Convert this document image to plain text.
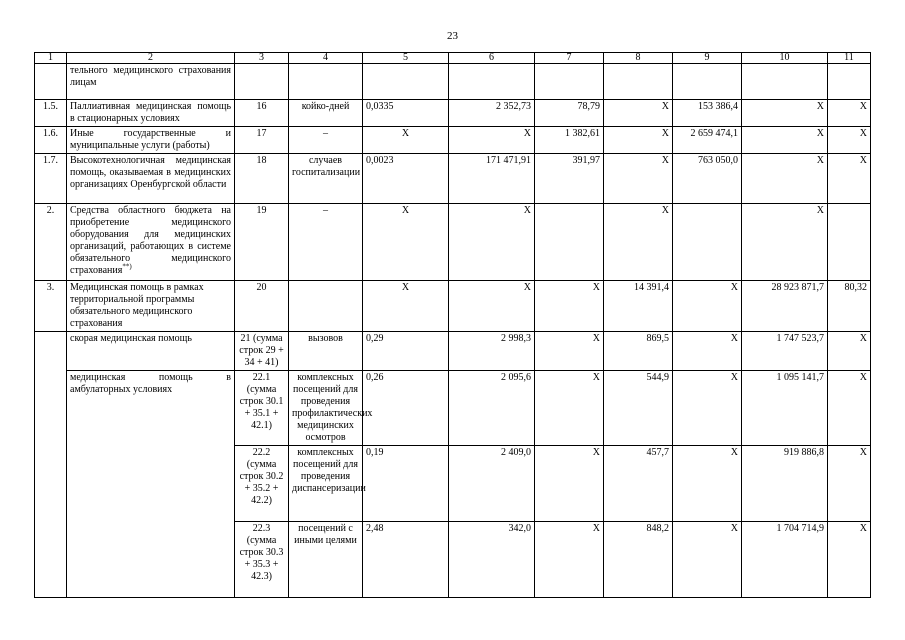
23
1	2	3	4	5	6	7	8	9	10	11
	тельного медицинского страхования лицам									
1.5.	Паллиативная медицинская помощь в стационарных условиях	16	койко-дней	0,0335	2 352,73	78,79	Х	153 386,4	Х	Х
1.6.	Иные государственные и муниципальные услуги (работы)	17	–	Х	Х	1 382,61	Х	2 659 474,1	Х	Х
1.7.	Высокотехнологичная медицинская помощь, оказываемая в медицинских организациях Оренбургской области	18	случаев госпитализации	0,0023	171 471,91	391,97	Х	763 050,0	Х	Х
2.	Средства областного бюджета на приобретение медицинского оборудования для медицинских организаций, работающих в системе обязательного медицинского страхования**)	19	–	Х	Х		Х		Х	
3.	Медицинская помощь в рамках территориальной программы обязательного медицинского страхования	20		Х	Х	Х	14 391,4	Х	28 923 871,7	80,32
	скорая медицинская помощь	21 (сумма строк 29 + 34 + 41)	вызовов	0,29	2 998,3	Х	869,5	Х	1 747 523,7	Х
	медицинская помощь в амбулаторных условиях	22.1 (сумма строк 30.1 + 35.1 + 42.1)	комплексных посещений для проведения профилактических медицинских осмотров	0,26	2 095,6	Х	544,9	Х	1 095 141,7	Х
		22.2 (сумма строк 30.2 + 35.2 + 42.2)	комплексных посещений для проведения диспансеризации	0,19	2 409,0	Х	457,7	Х	919 886,8	Х
		22.3 (сумма строк 30.3 + 35.3 + 42.3)	посещений с иными целями	2,48	342,0	Х	848,2	Х	1 704 714,9	Х
